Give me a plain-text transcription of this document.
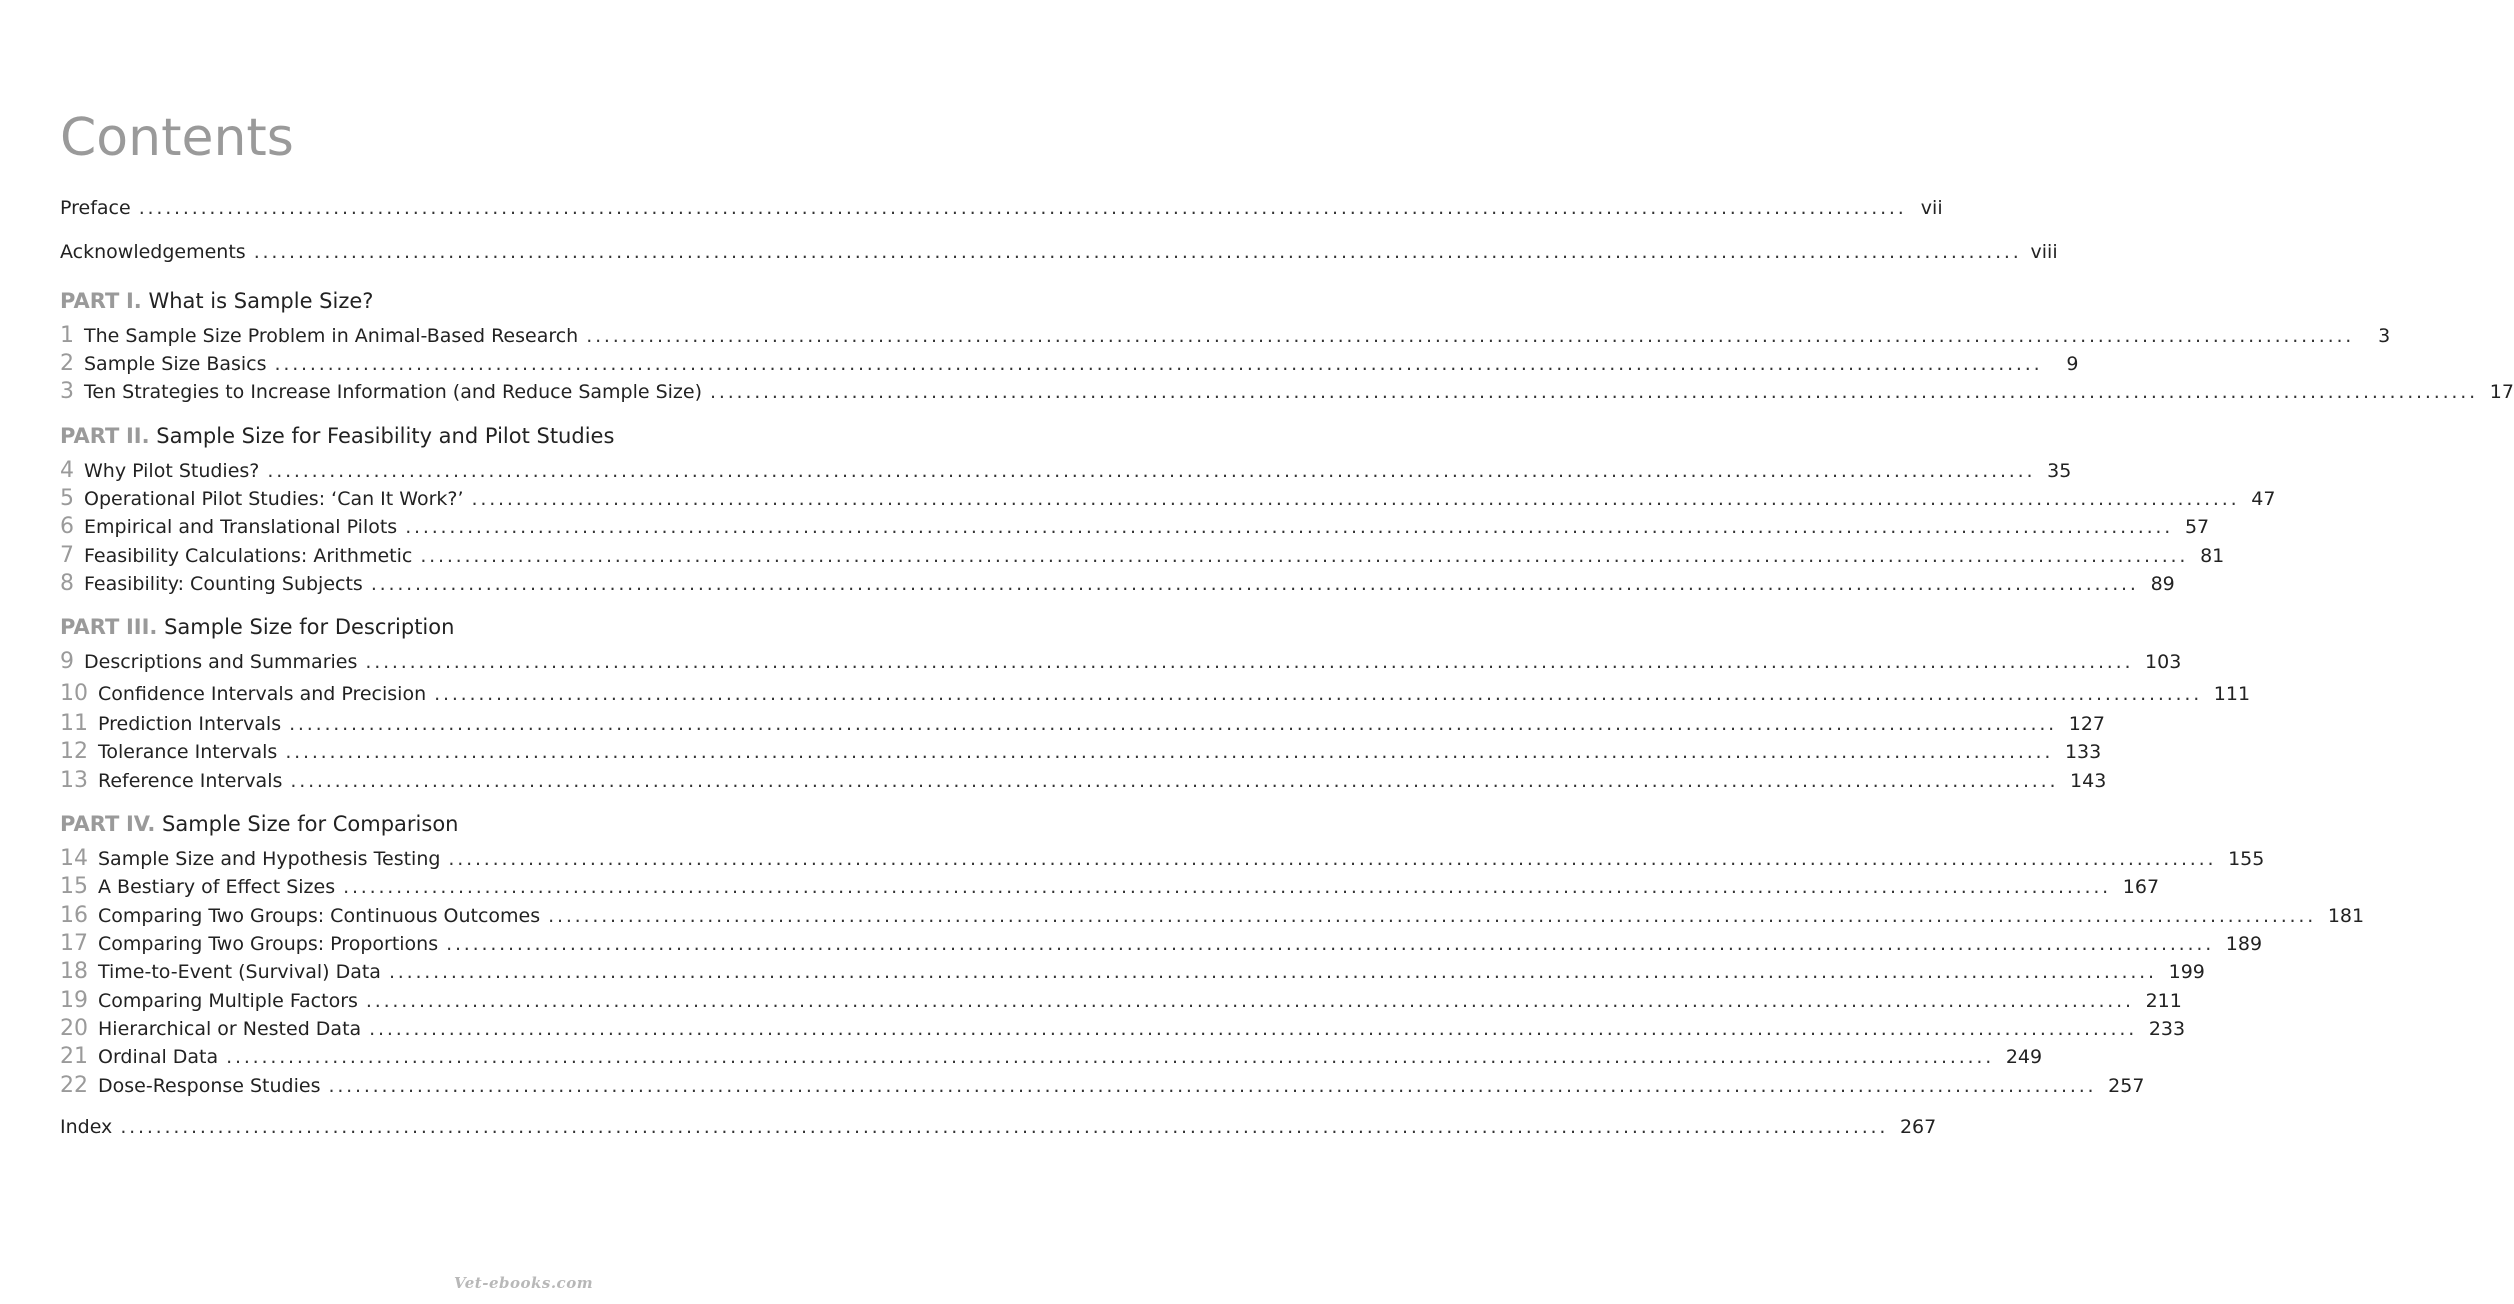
Contents
Preface ........................................................................................................................................................................................................ vii
Acknowledgements ........................................................................................................................................................................................................ viii
PART I. What is Sample Size?
1 The Sample Size Problem in Animal-Based Research ........................................................................................................................................................................................................	3
2 Sample Size Basics ........................................................................................................................................................................................................	9
3 Ten Strategies to Increase Information (and Reduce Sample Size) ........................................................................................................................................................................................................ 17
PART II. Sample Size for Feasibility and Pilot Studies
4 Why Pilot Studies? ........................................................................................................................................................................................................ 35
5 Operational Pilot Studies: ‘Can It Work?’ ........................................................................................................................................................................................................ 47
6 Empirical and Translational Pilots ........................................................................................................................................................................................................ 57
7 Feasibility Calculations: Arithmetic ........................................................................................................................................................................................................ 81
8 Feasibility: Counting Subjects ........................................................................................................................................................................................................ 89
PART III. Sample Size for Description
9 Descriptions and Summaries ........................................................................................................................................................................................................ 103
10 Confidence Intervals and Precision ........................................................................................................................................................................................................ 111
11 Prediction Intervals ........................................................................................................................................................................................................ 127
12 Tolerance Intervals ........................................................................................................................................................................................................ 133
13 Reference Intervals ........................................................................................................................................................................................................ 143
PART IV. Sample Size for Comparison
14 Sample Size and Hypothesis Testing ........................................................................................................................................................................................................ 155
15 A Bestiary of Effect Sizes ........................................................................................................................................................................................................ 167
16 Comparing Two Groups: Continuous Outcomes ........................................................................................................................................................................................................ 181
17 Comparing Two Groups: Proportions ........................................................................................................................................................................................................ 189
18 Time-to-Event (Survival) Data ........................................................................................................................................................................................................ 199
19 Comparing Multiple Factors ........................................................................................................................................................................................................ 211
20 Hierarchical or Nested Data ........................................................................................................................................................................................................ 233
21 Ordinal Data ........................................................................................................................................................................................................ 249
22 Dose-Response Studies ........................................................................................................................................................................................................ 257
Index ........................................................................................................................................................................................................ 267
Vet-ebooks.com
